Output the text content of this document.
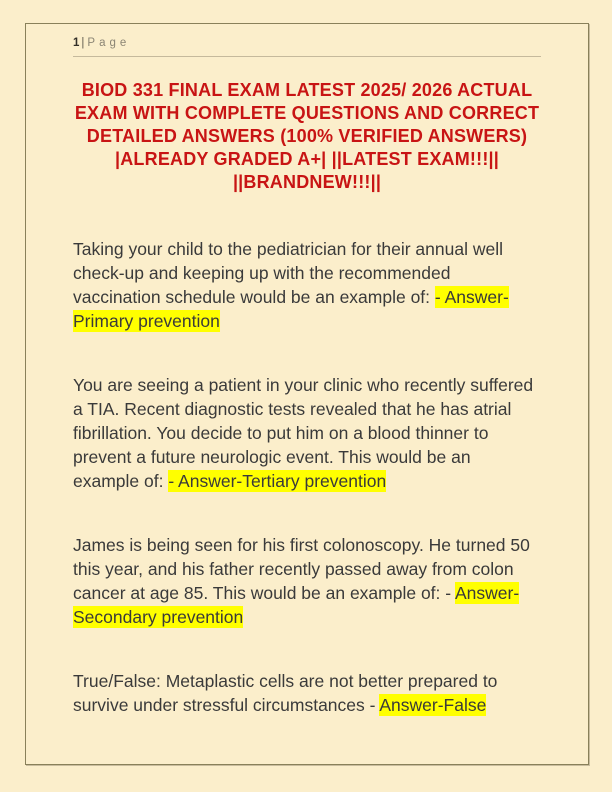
1 | Page
BIOD 331 FINAL EXAM LATEST 2025/ 2026 ACTUAL EXAM WITH COMPLETE QUESTIONS AND CORRECT DETAILED ANSWERS (100% VERIFIED ANSWERS) |ALREADY GRADED A+| ||LATEST EXAM!!!|| ||BRANDNEW!!!||

Taking your child to the pediatrician for their annual well check-up and keeping up with the recommended vaccination schedule would be an example of: - Answer-Primary prevention

You are seeing a patient in your clinic who recently suffered a TIA. Recent diagnostic tests revealed that he has atrial fibrillation. You decide to put him on a blood thinner to prevent a future neurologic event. This would be an example of: - Answer-Tertiary prevention

James is being seen for his first colonoscopy. He turned 50 this year, and his father recently passed away from colon cancer at age 85. This would be an example of: - Answer-Secondary prevention

True/False: Metaplastic cells are not better prepared to survive under stressful circumstances - Answer-False
